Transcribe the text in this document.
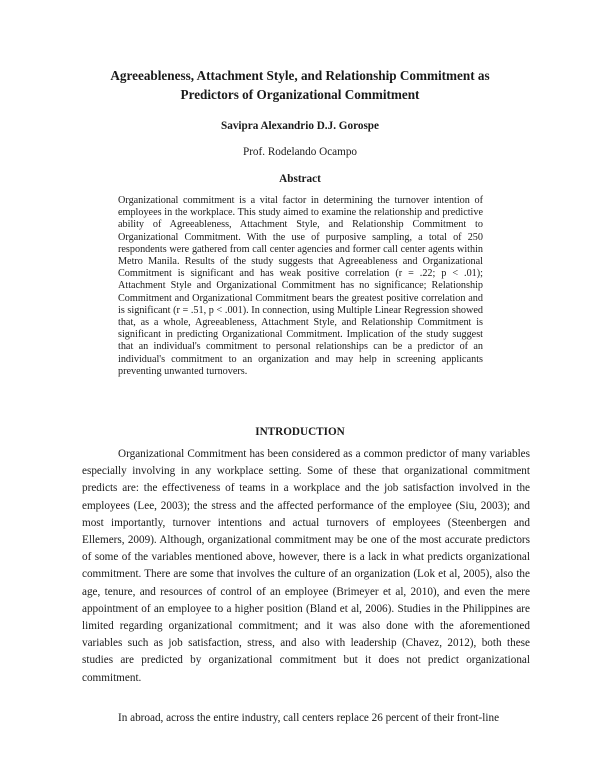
Agreeableness, Attachment Style, and Relationship Commitment as Predictors of Organizational Commitment

Savipra Alexandrio D.J. Gorospe

Prof. Rodelando Ocampo

Abstract

Organizational commitment is a vital factor in determining the turnover intention of employees in the workplace. This study aimed to examine the relationship and predictive ability of Agreeableness, Attachment Style, and Relationship Commitment to Organizational Commitment. With the use of purposive sampling, a total of 250 respondents were gathered from call center agencies and former call center agents within Metro Manila. Results of the study suggests that Agreeableness and Organizational Commitment is significant and has weak positive correlation (r = .22; p < .01); Attachment Style and Organizational Commitment has no significance; Relationship Commitment and Organizational Commitment bears the greatest positive correlation and is significant (r = .51, p < .001). In connection, using Multiple Linear Regression showed that, as a whole, Agreeableness, Attachment Style, and Relationship Commitment is significant in predicting Organizational Commitment. Implication of the study suggest that an individual's commitment to personal relationships can be a predictor of an individual's commitment to an organization and may help in screening applicants preventing unwanted turnovers.

INTRODUCTION

Organizational Commitment has been considered as a common predictor of many variables especially involving in any workplace setting. Some of these that organizational commitment predicts are: the effectiveness of teams in a workplace and the job satisfaction involved in the employees (Lee, 2003); the stress and the affected performance of the employee (Siu, 2003); and most importantly, turnover intentions and actual turnovers of employees (Steenbergen and Ellemers, 2009). Although, organizational commitment may be one of the most accurate predictors of some of the variables mentioned above, however, there is a lack in what predicts organizational commitment. There are some that involves the culture of an organization (Lok et al, 2005), also the age, tenure, and resources of control of an employee (Brimeyer et al, 2010), and even the mere appointment of an employee to a higher position (Bland et al, 2006). Studies in the Philippines are limited regarding organizational commitment; and it was also done with the aforementioned variables such as job satisfaction, stress, and also with leadership (Chavez, 2012), both these studies are predicted by organizational commitment but it does not predict organizational commitment.

In abroad, across the entire industry, call centers replace 26 percent of their front-line
